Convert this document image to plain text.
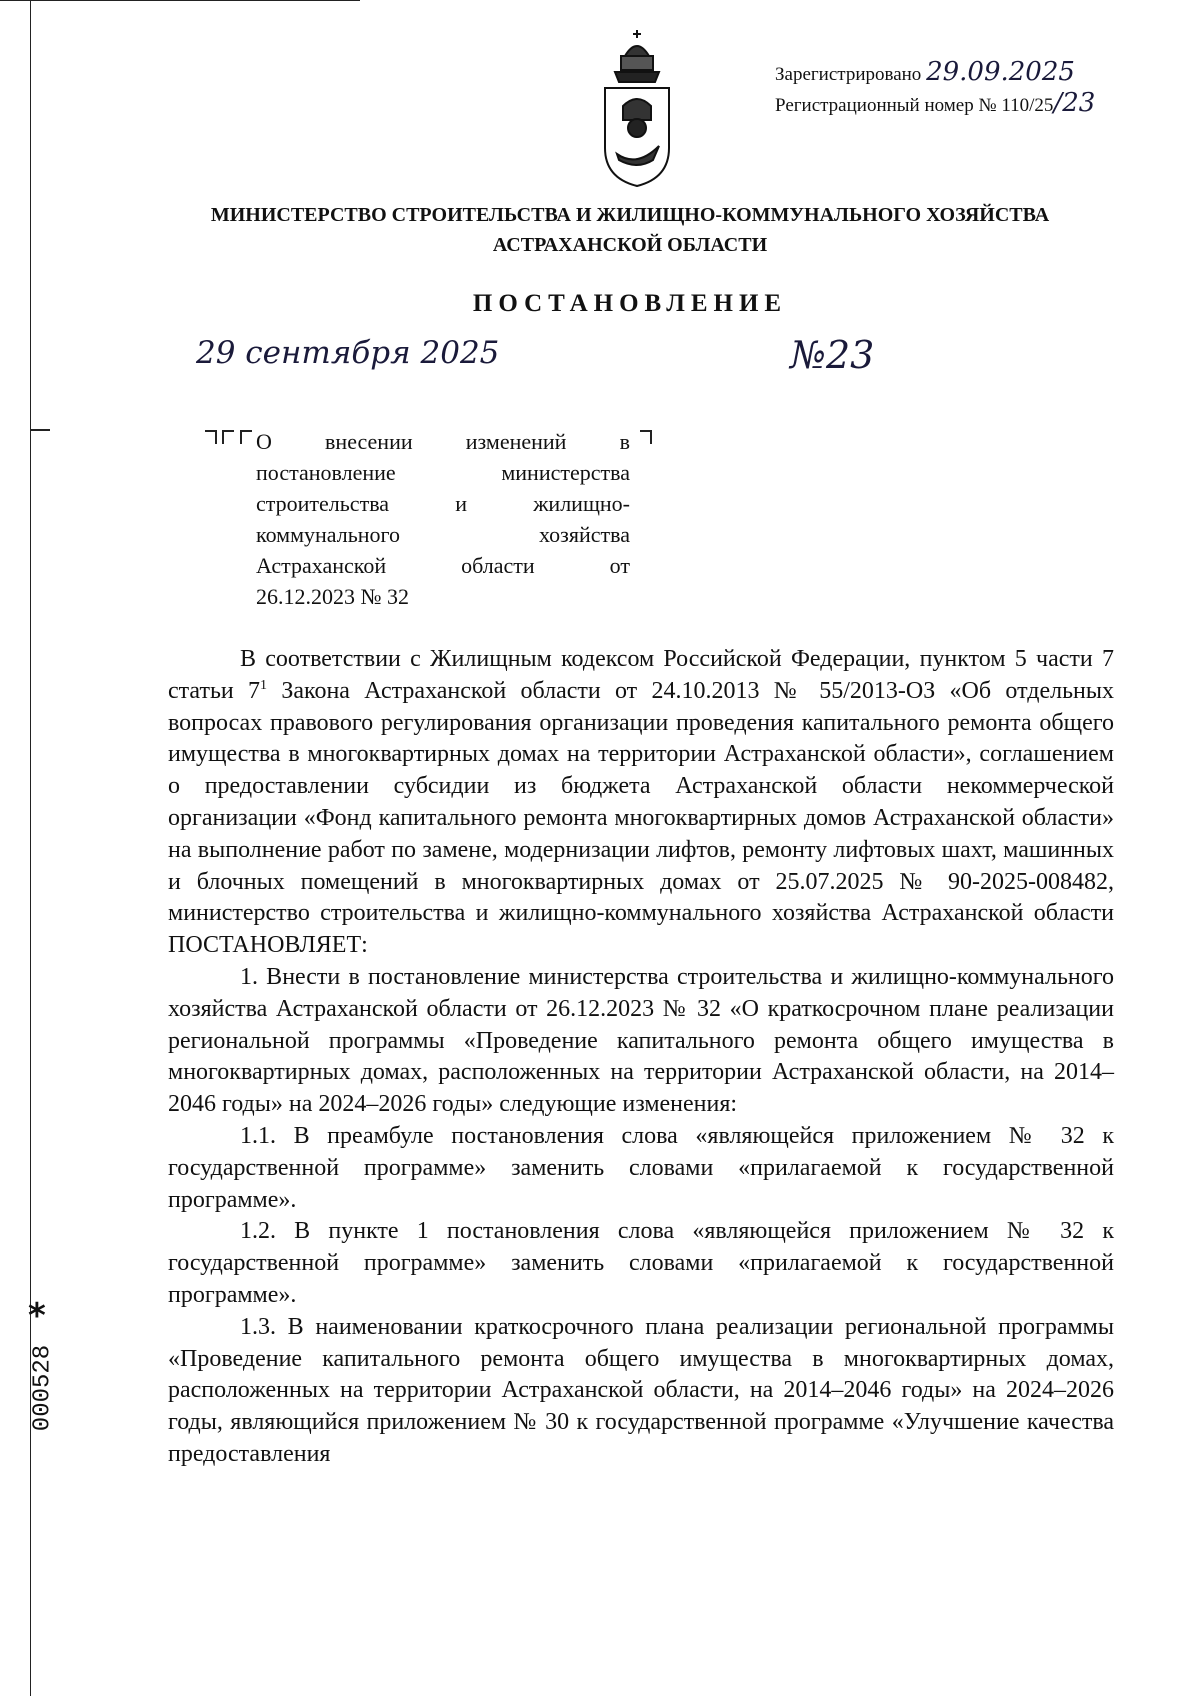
Зарегистрировано 29.09.2025
Регистрационный номер № 110/25/23
МИНИСТЕРСТВО СТРОИТЕЛЬСТВА И ЖИЛИЩНО-КОММУНАЛЬНОГО ХОЗЯЙСТВА
АСТРАХАНСКОЙ ОБЛАСТИ
ПОСТАНОВЛЕНИЕ
29 сентября 2025	№23
О внесении изменений в постановление министерства строительства и жилищно-коммунального хозяйства Астраханской области от
26.12.2023 № 32

В соответствии с Жилищным кодексом Российской Федерации, пунктом 5 части 7 статьи $7^1$ Закона Астраханской области от 24.10.2013 № 55/2013-ОЗ «Об отдельных вопросах правового регулирования организации проведения капитального ремонта общего имущества в многоквартирных домах на территории Астраханской области», соглашением о предоставлении субсидии из бюджета Астраханской области некоммерческой организации «Фонд капитального ремонта многоквартирных домов Астраханской области» на выполнение работ по замене, модернизации лифтов, ремонту лифтовых шахт, машинных и блочных помещений в многоквартирных домах от 25.07.2025 № 90-2025-008482, министерство строительства и жилищно-коммунального хозяйства Астраханской области ПОСТАНОВЛЯЕТ:

1. Внести в постановление министерства строительства и жилищно-коммунального хозяйства Астраханской области от 26.12.2023 № 32 «О краткосрочном плане реализации региональной программы «Проведение капитального ремонта общего имущества в многоквартирных домах, расположенных на территории Астраханской области, на 2014–2046 годы» на 2024–2026 годы» следующие изменения:

1.1. В преамбуле постановления слова «являющейся приложением № 32 к государственной программе» заменить словами «прилагаемой к государственной программе».

1.2. В пункте 1 постановления слова «являющейся приложением № 32 к государственной программе» заменить словами «прилагаемой к государственной программе».

1.3. В наименовании краткосрочного плана реализации региональной программы «Проведение капитального ремонта общего имущества в многоквартирных домах, расположенных на территории Астраханской области, на 2014–2046 годы» на 2024–2026 годы, являющийся приложением № 30 к государственной программе «Улучшение качества предоставления

*
000528
